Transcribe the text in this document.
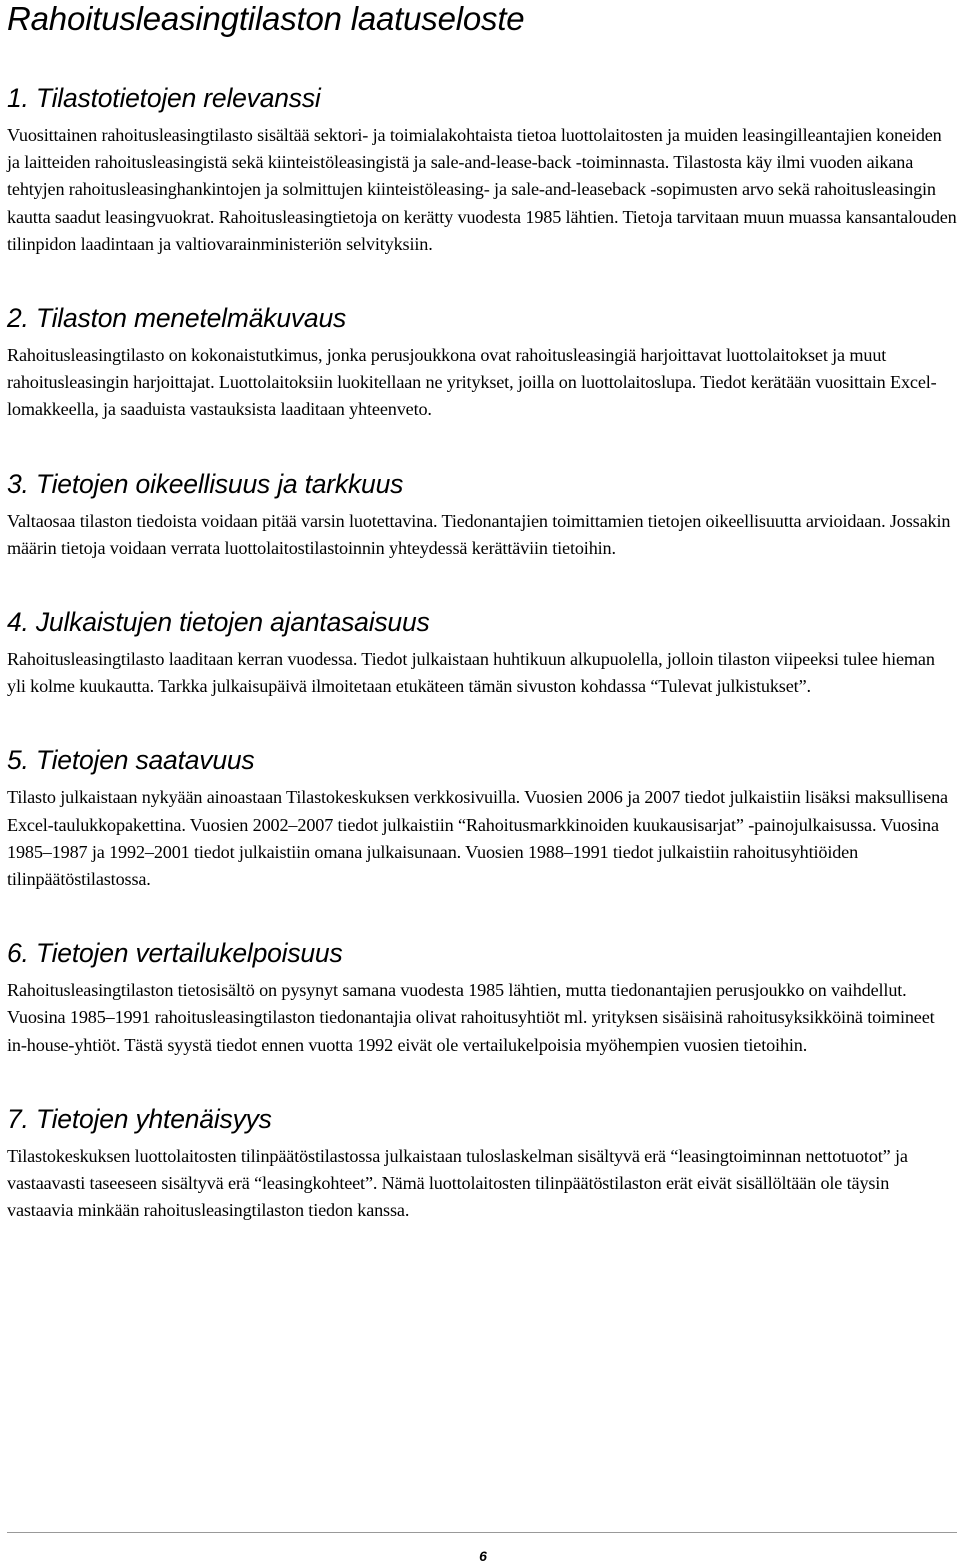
Rahoitusleasingtilaston laatuseloste
1. Tilastotietojen relevanssi

Vuosittainen rahoitusleasingtilasto sisältää sektori- ja toimialakohtaista tietoa luottolaitosten ja muiden leasingilleantajien koneiden ja laitteiden rahoitusleasingistä sekä kiinteistöleasingistä ja sale-and-lease-back -toiminnasta. Tilastosta käy ilmi vuoden aikana tehtyjen rahoitusleasinghankintojen ja solmittujen kiinteistöleasing- ja sale-and-leaseback -sopimusten arvo sekä rahoitusleasingin kautta saadut leasingvuokrat. Rahoitusleasingtietoja on kerätty vuodesta 1985 lähtien. Tietoja tarvitaan muun muassa kansantalouden tilinpidon laadintaan ja valtiovarainministeriön selvityksiin.

2. Tilaston menetelmäkuvaus

Rahoitusleasingtilasto on kokonaistutkimus, jonka perusjoukkona ovat rahoitusleasingiä harjoittavat luottolaitokset ja muut rahoitusleasingin harjoittajat. Luottolaitoksiin luokitellaan ne yritykset, joilla on luottolaitoslupa. Tiedot kerätään vuosittain Excel-lomakkeella, ja saaduista vastauksista laaditaan yhteenveto.

3. Tietojen oikeellisuus ja tarkkuus

Valtaosaa tilaston tiedoista voidaan pitää varsin luotettavina. Tiedonantajien toimittamien tietojen oikeellisuutta arvioidaan. Jossakin määrin tietoja voidaan verrata luottolaitostilastoinnin yhteydessä kerättäviin tietoihin.

4. Julkaistujen tietojen ajantasaisuus

Rahoitusleasingtilasto laaditaan kerran vuodessa. Tiedot julkaistaan huhtikuun alkupuolella, jolloin tilaston viipeeksi tulee hieman yli kolme kuukautta. Tarkka julkaisupäivä ilmoitetaan etukäteen tämän sivuston kohdassa “Tulevat julkistukset”.

5. Tietojen saatavuus

Tilasto julkaistaan nykyään ainoastaan Tilastokeskuksen verkkosivuilla. Vuosien 2006 ja 2007 tiedot julkaistiin lisäksi maksullisena Excel-taulukkopakettina. Vuosien 2002–2007 tiedot julkaistiin “Rahoitusmarkkinoiden kuukausisarjat” -painojulkaisussa. Vuosina 1985–1987 ja 1992–2001 tiedot julkaistiin omana julkaisunaan. Vuosien 1988–1991 tiedot julkaistiin rahoitusyhtiöiden tilinpäätöstilastossa.

6. Tietojen vertailukelpoisuus

Rahoitusleasingtilaston tietosisältö on pysynyt samana vuodesta 1985 lähtien, mutta tiedonantajien perusjoukko on vaihdellut. Vuosina 1985–1991 rahoitusleasingtilaston tiedonantajia olivat rahoitusyhtiöt ml. yrityksen sisäisinä rahoitusyksikköinä toimineet in-house-yhtiöt. Tästä syystä tiedot ennen vuotta 1992 eivät ole vertailukelpoisia myöhempien vuosien tietoihin.

7. Tietojen yhtenäisyys

Tilastokeskuksen luottolaitosten tilinpäätöstilastossa julkaistaan tuloslaskelman sisältyvä erä “leasingtoiminnan nettotuotot” ja vastaavasti taseeseen sisältyvä erä “leasingkohteet”. Nämä luottolaitosten tilinpäätöstilaston erät eivät sisällöltään ole täysin vastaavia minkään rahoitusleasingtilaston tiedon kanssa.

6
